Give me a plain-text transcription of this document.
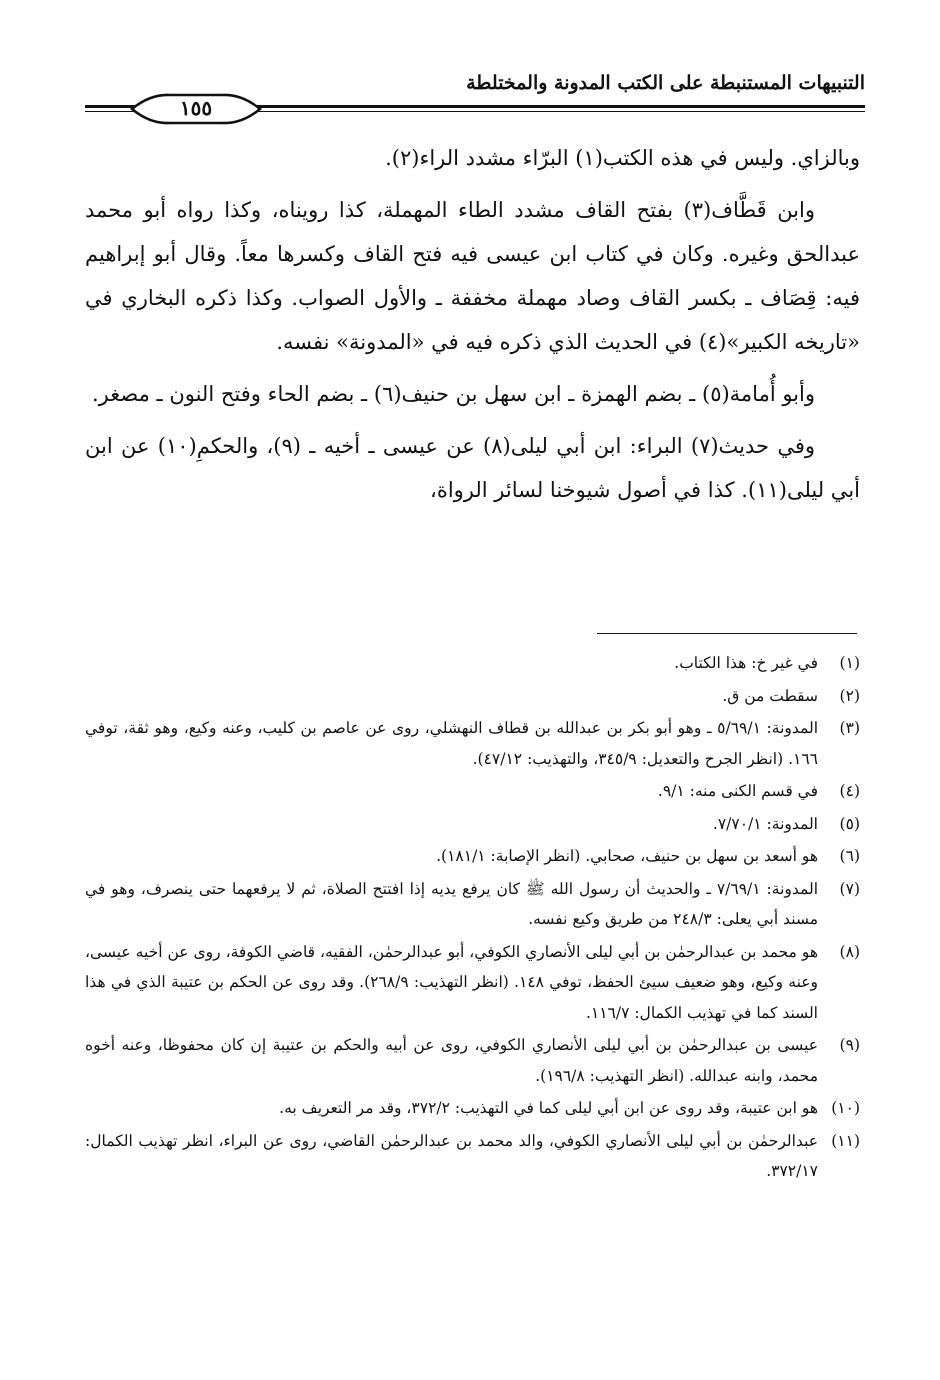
التنبيهات المستنبطة على الكتب المدونة والمختلطة
١٥٥

وبالزاي. وليس في هذه الكتب(١) البرّاء مشدد الراء(٢).

وابن قَطَّاف(٣) بفتح القاف مشدد الطاء المهملة، كذا رويناه، وكذا رواه أبو محمد عبدالحق وغيره. وكان في كتاب ابن عيسى فيه فتح القاف وكسرها معاً. وقال أبو إبراهيم فيه: قِصَاف ـ بكسر القاف وصاد مهملة مخففة ـ والأول الصواب. وكذا ذكره البخاري في «تاريخه الكبير»(٤) في الحديث الذي ذكره فيه في «المدونة» نفسه.

وأبو أُمامة(٥) ـ بضم الهمزة ـ ابن سهل بن حنيف(٦) ـ بضم الحاء وفتح النون ـ مصغر.

وفي حديث(٧) البراء: ابن أبي ليلى(٨) عن عيسى ـ أخيه ـ (٩)، والحكمِ(١٠) عن ابن أبي ليلى(١١). كذا في أصول شيوخنا لسائر الرواة،

(١)
في غير خ: هذا الكتاب.
(٢)
سقطت من ق.
(٣)
المدونة: ٥/٦٩/١ ـ وهو أبو بكر بن عبدالله بن قطاف النهشلي، روى عن عاصم بن كليب، وعنه وكيع، وهو ثقة، توفي ١٦٦. (انظر الجرح والتعديل: ٣٤٥/٩، والتهذيب: ٤٧/١٢).
(٤)
في قسم الكنى منه: ٩/١.
(٥)
المدونة: ٧/٧٠/١.
(٦)
هو أسعد بن سهل بن حنيف، صحابي. (انظر الإصابة: ١٨١/١).
(٧)
المدونة: ٧/٦٩/١ ـ والحديث أن رسول الله ﷺ كان يرفع يديه إذا افتتح الصلاة، ثم لا يرفعهما حتى ينصرف، وهو في مسند أبي يعلى: ٢٤٨/٣ من طريق وكيع نفسه.
(٨)
هو محمد بن عبدالرحمٰن بن أبي ليلى الأنصاري الكوفي، أبو عبدالرحمٰن، الفقيه، قاضي الكوفة، روى عن أخيه عيسى، وعنه وكيع، وهو ضعيف سيئ الحفظ، توفي ١٤٨. (انظر التهذيب: ٢٦٨/٩). وقد روى عن الحكم بن عتيبة الذي في هذا السند كما في تهذيب الكمال: ١١٦/٧.
(٩)
عيسى بن عبدالرحمٰن بن أبي ليلى الأنصاري الكوفي، روى عن أبيه والحكم بن عتيبة إن كان محفوظا، وعنه أخوه محمد، وابنه عبدالله. (انظر التهذيب: ١٩٦/٨).
(١٠)
هو ابن عتيبة، وقد روى عن ابن أبي ليلى كما في التهذيب: ٣٧٢/٢، وقد مر التعريف به.
(١١)
عبدالرحمٰن بن أبي ليلى الأنصاري الكوفي، والد محمد بن عبدالرحمٰن القاضي، روى عن البراء، انظر تهذيب الكمال: ٣٧٢/١٧.
